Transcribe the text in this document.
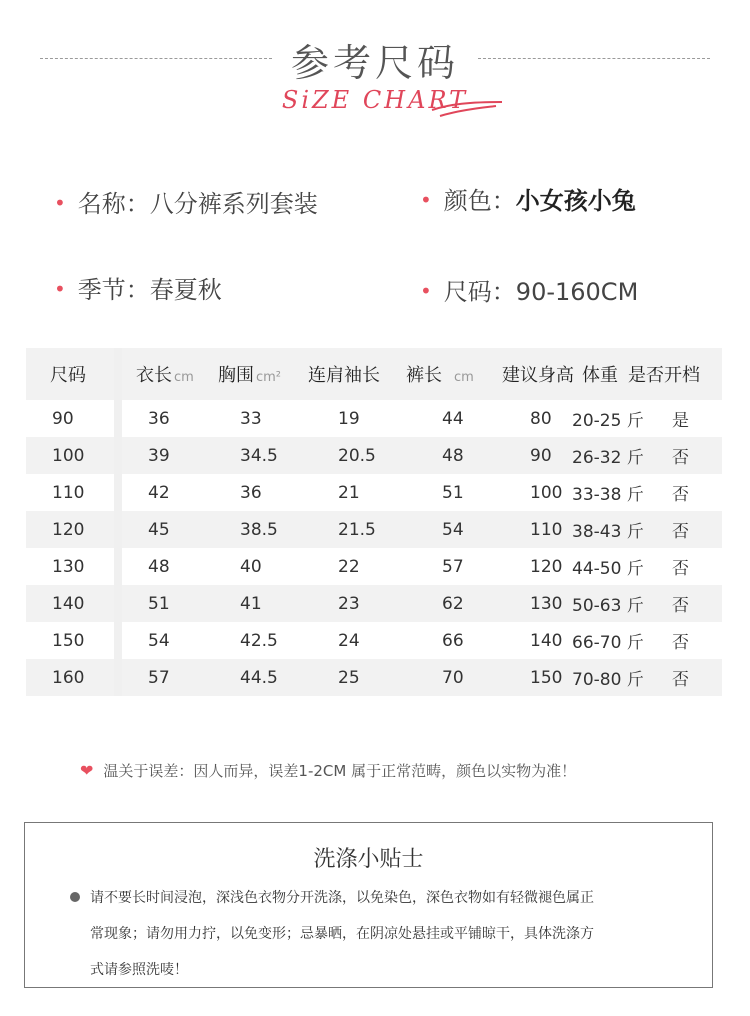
参考尺码
SiZE CHART
• 名称：八分裤系列套装	• 颜色：小女孩小兔
• 季节：春夏秋	• 尺码：90-160CM
尺码	衣长 cm	胸围 cm²	连肩袖长	裤长 cm	建议身高 体重 是否开档
90	36	33	19	44	80	20-25 斤	是
100	39	34.5	20.5	48	90	26-32 斤	否
110	42	36	21	51	100 33-38 斤	否
120	45	38.5	21.5	54	110 38-43 斤	否
130	48	40	22	57	120 44-50 斤	否
140	51	41	23	62	130 50-63 斤	否
150	54	42.5	24	66	140 66-70 斤	否
160	57	44.5	25	70	150 70-80 斤	否
❤ 温关于误差：因人而异，误差1-2CM 属于正常范畴，颜色以实物为准！
洗涤小贴士
请不要长时间浸泡，深浅色衣物分开洗涤，以免染色，深色衣物如有轻微褪色属正
常现象；请勿用力拧，以免变形；忌暴晒，在阴凉处悬挂或平铺晾干，具体洗涤方
式请参照洗唛！
